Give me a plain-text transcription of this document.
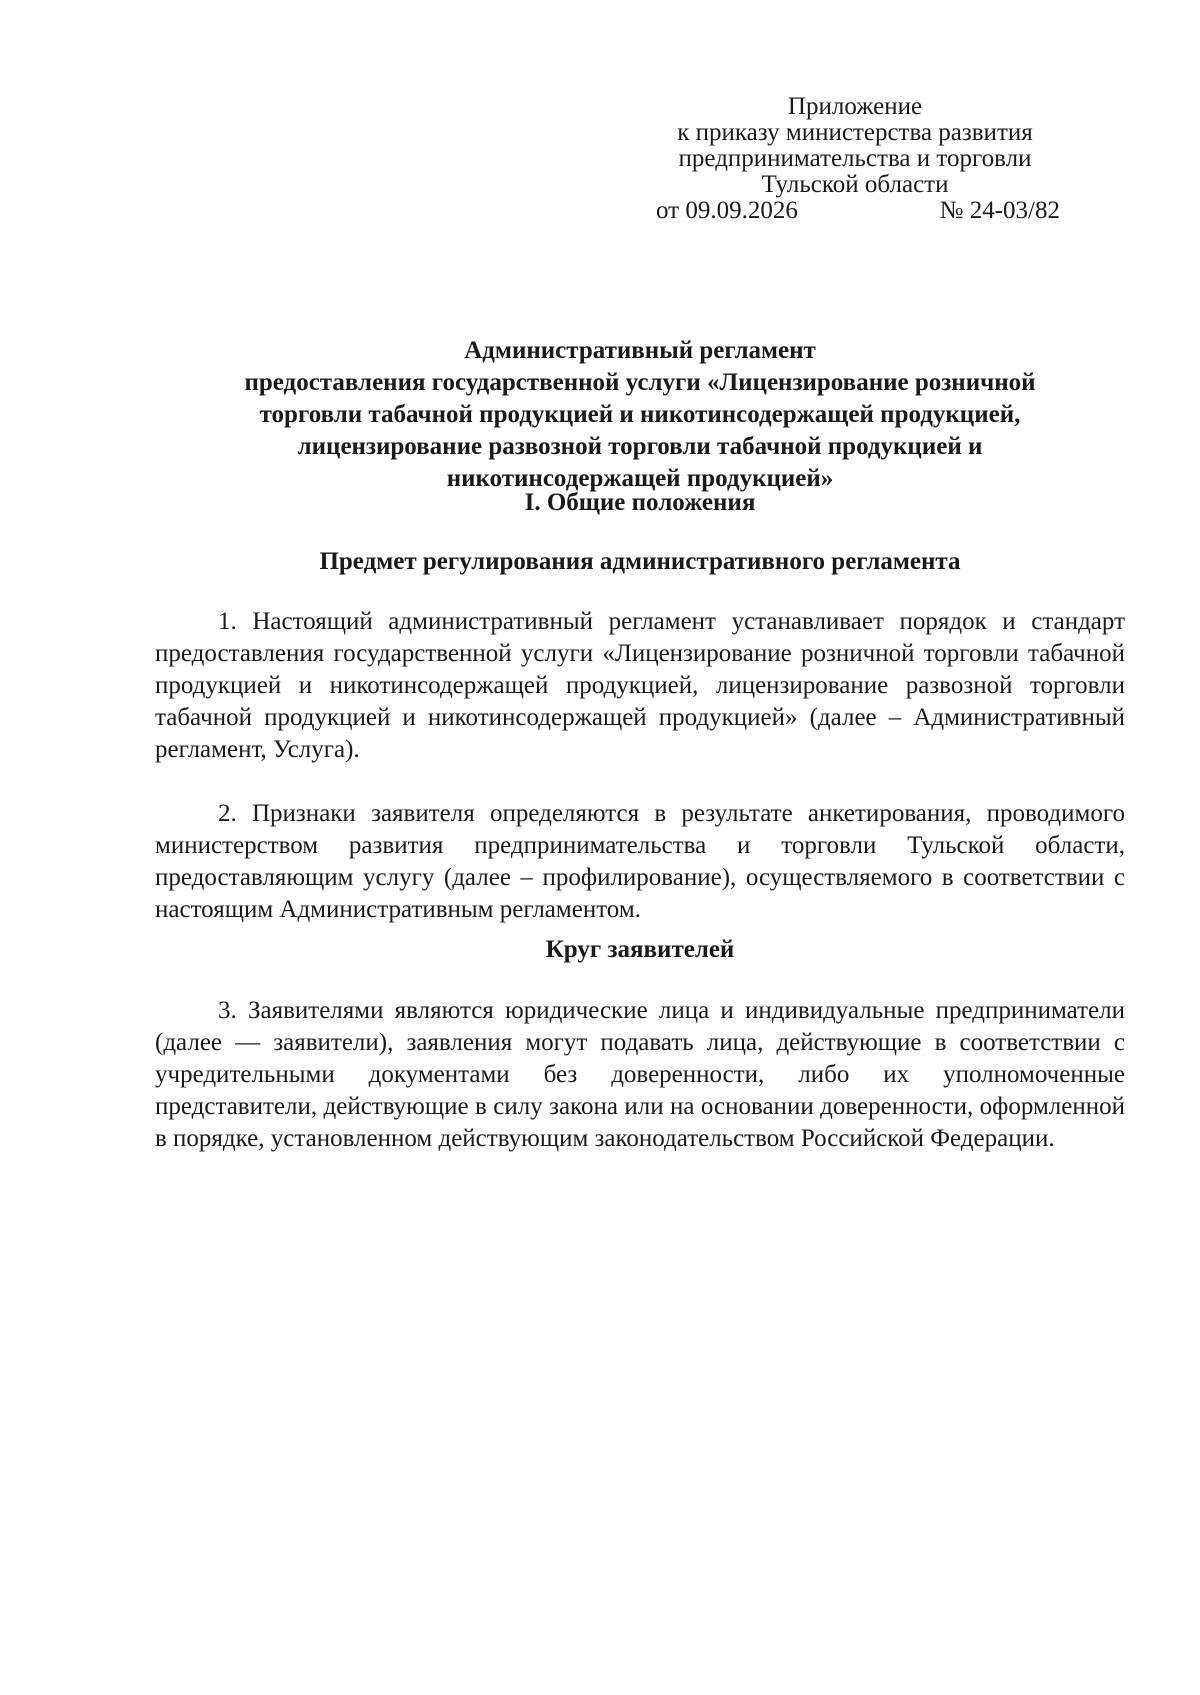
Приложение
к приказу министерства развития
предпринимательства и торговли
Тульской области
от 09.09.2026	№ 24-03/82
Административный регламент
предоставления государственной услуги «Лицензирование розничной
торговли табачной продукцией и никотинсодержащей продукцией,
лицензирование развозной торговли табачной продукцией и
никотинсодержащей продукцией»
I. Общие положения
Предмет регулирования административного регламента

1. Настоящий административный регламент устанавливает порядок и стандарт предоставления государственной услуги «Лицензирование розничной торговли табачной продукцией и никотинсодержащей продукцией, лицензирование развозной торговли табачной продукцией и никотинсодержащей продукцией» (далее – Административный регламент, Услуга).

2. Признаки заявителя определяются в результате анкетирования, проводимого министерством развития предпринимательства и торговли Тульской области, предоставляющим услугу (далее – профилирование), осуществляемого в соответствии с настоящим Административным регламентом.

Круг заявителей

3. Заявителями являются юридические лица и индивидуальные предприниматели (далее — заявители), заявления могут подавать лица, действующие в соответствии с учредительными документами без доверенности, либо их уполномоченные представители, действующие в силу закона или на основании доверенности, оформленной в порядке, установленном действующим законодательством Российской Федерации.
